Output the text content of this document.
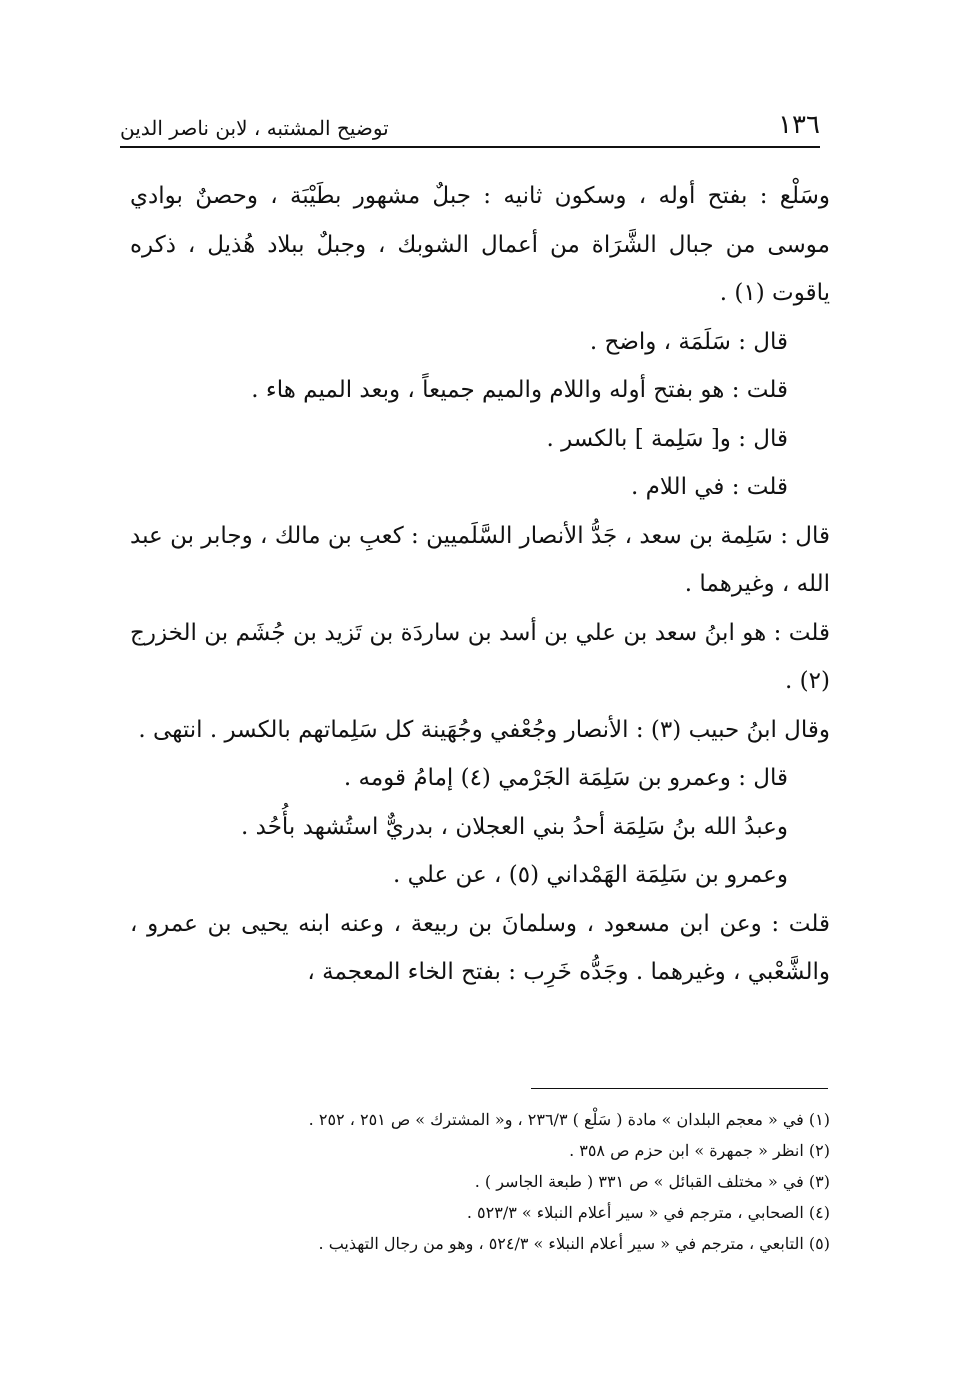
١٣٦
توضيح المشتبه ، لابن ناصر الدين

وسَلْع : بفتح أوله ، وسكون ثانيه : جبلٌ مشهور بطَيْبَة ، وحصنٌ بوادي موسى من جبال الشَّرَاة من أعمال الشوبك ، وجبلٌ ببلاد هُذيل ، ذكره ياقوت (١) .

قال : سَلَمَة ، واضح .

قلت : هو بفتح أوله واللام والميم جميعاً ، وبعد الميم هاء .

قال : و[ سَلِمة ] بالكسر .

قلت : في اللام .

قال : سَلِمة بن سعد ، جَدُّ الأنصار السَّلَميين : كعبِ بن مالك ، وجابر بن عبد الله ، وغيرهما .

قلت : هو ابنُ سعد بن علي بن أسد بن ساردَة بن تَزيد بن جُشَم بن الخزرج (٢) .

وقال ابنُ حبيب (٣) : الأنصار وجُعْفي وجُهَينة كل سَلِماتهم بالكسر . انتهى .

قال : وعمرو بن سَلِمَة الجَرْمي (٤) إمامُ قومه .

وعبدُ الله بنُ سَلِمَة أحدُ بني العجلان ، بدريٌّ استُشهد بأُحُد .

وعمرو بن سَلِمَة الهَمْداني (٥) ، عن علي .

قلت : وعن ابن مسعود ، وسلمانَ بن ربيعة ، وعنه ابنه يحيى بن عمرو ، والشَّعْبي ، وغيرهما . وجَدُّه خَرِب : بفتح الخاء المعجمة ،

(١) في « معجم البلدان » مادة ( سَلْع ) ٢٣٦/٣ ، و« المشترك » ص ٢٥١ ، ٢٥٢ .

(٢) انظر « جمهرة » ابن حزم ص ٣٥٨ .

(٣) في « مختلف القبائل » ص ٣٣١ ( طبعة الجاسر ) .

(٤) الصحابي ، مترجم في « سير أعلام النبلاء » ٥٢٣/٣ .

(٥) التابعي ، مترجم في « سير أعلام النبلاء » ٥٢٤/٣ ، وهو من رجال التهذيب .
